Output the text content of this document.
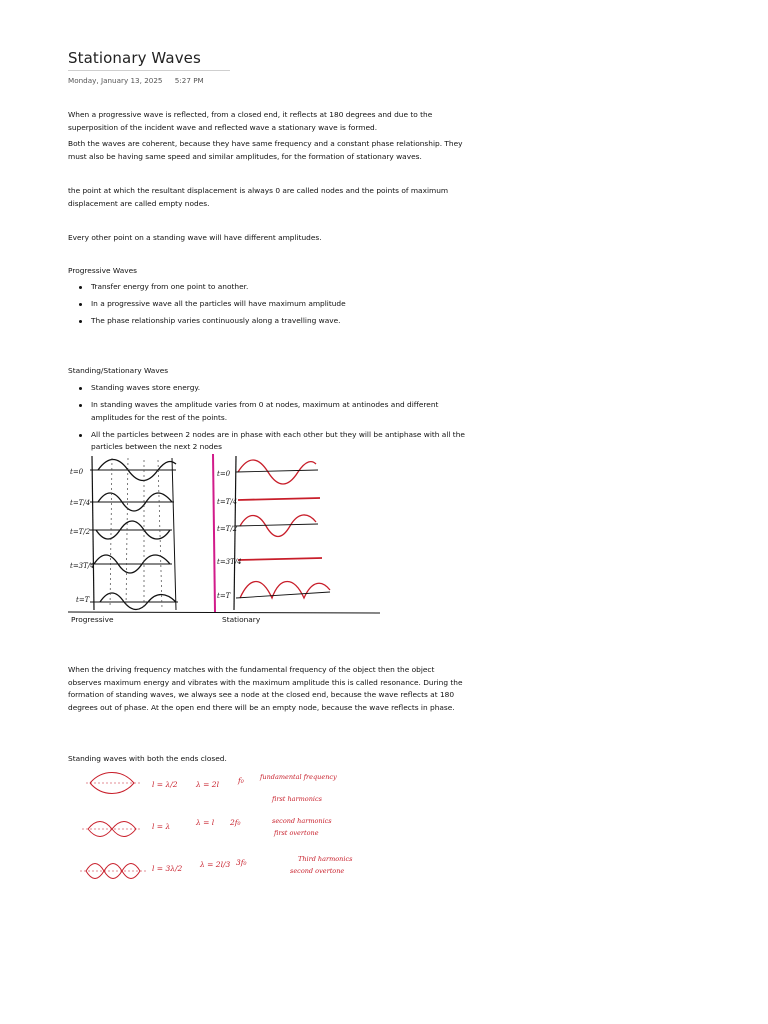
Stationary Waves
Monday, January 13, 2025 5:27 PM
When a progressive wave is reflected, from a closed end, it reflects at 180 degrees and due to the superposition of the incident wave and reflected wave a stationary wave is formed.
Both the waves are coherent, because they have same frequency and a constant phase relationship. They must also be having same speed and similar amplitudes, for the formation of stationary waves.
the point at which the resultant displacement is always 0 are called nodes and the points of maximum displacement are called empty nodes.
Every other point on a standing wave will have different amplitudes.
Progressive Waves
Transfer energy from one point to another.
In a progressive wave all the particles will have maximum amplitude
The phase relationship varies continuously along a travelling wave.
Standing/Stationary Waves
Standing waves store energy.
In standing waves the amplitude varies from 0 at nodes, maximum at antinodes and different amplitudes for the rest of the points.
All the particles between 2 nodes are in phase with each other but they will be antiphase with all the particles between the next 2 nodes
t=0
t=T/4
t=T/2
t=3T/4
t=T
t=0
t=T/4
t=T/2
t=3T/4
t=T
Progressive	Stationary
When the driving frequency matches with the fundamental frequency of the object then the object observes maximum energy and vibrates with the maximum amplitude this is called resonance. During the formation of standing waves, we always see a node at the closed end, because the wave reflects at 180 degrees out of phase. At the open end there will be an empty node, because the wave reflects in phase.
Standing waves with both the ends closed.
l = λ/2 λ = 2l	f₀ fundamental frequency
first harmonics
l = λ	λ = l 2f₀	second harmonics
first overtone
l = 3λ/2 λ = 2l/3 3f₀	Third harmonics
second overtone
